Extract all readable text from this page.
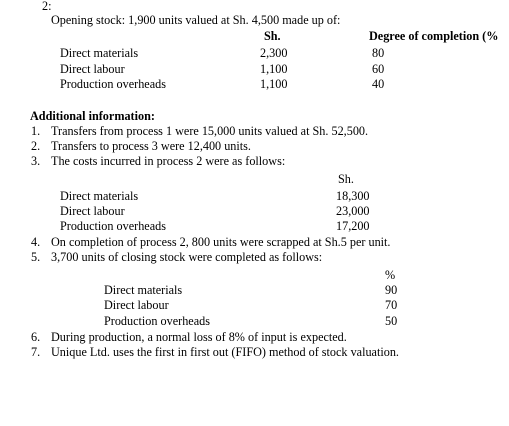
2:
Opening stock: 1,900 units valued at Sh. 4,500 made up of:
Sh.	Degree of completion (%
Direct materials	2,300	80
Direct labour	1,100	60
Production overheads	1,100	40
Additional information:
1. Transfers from process 1 were 15,000 units valued at Sh. 52,500.
2. Transfers to process 3 were 12,400 units.
3. The costs incurred in process 2 were as follows:
Sh.
Direct materials	18,300
Direct labour	23,000
Production overheads	17,200
4. On completion of process 2, 800 units were scrapped at Sh.5 per unit.
5. 3,700 units of closing stock were completed as follows:
%
Direct materials	90
Direct labour	70
Production overheads	50
6. During production, a normal loss of 8% of input is expected.
7. Unique Ltd. uses the first in first out (FIFO) method of stock valuation.
